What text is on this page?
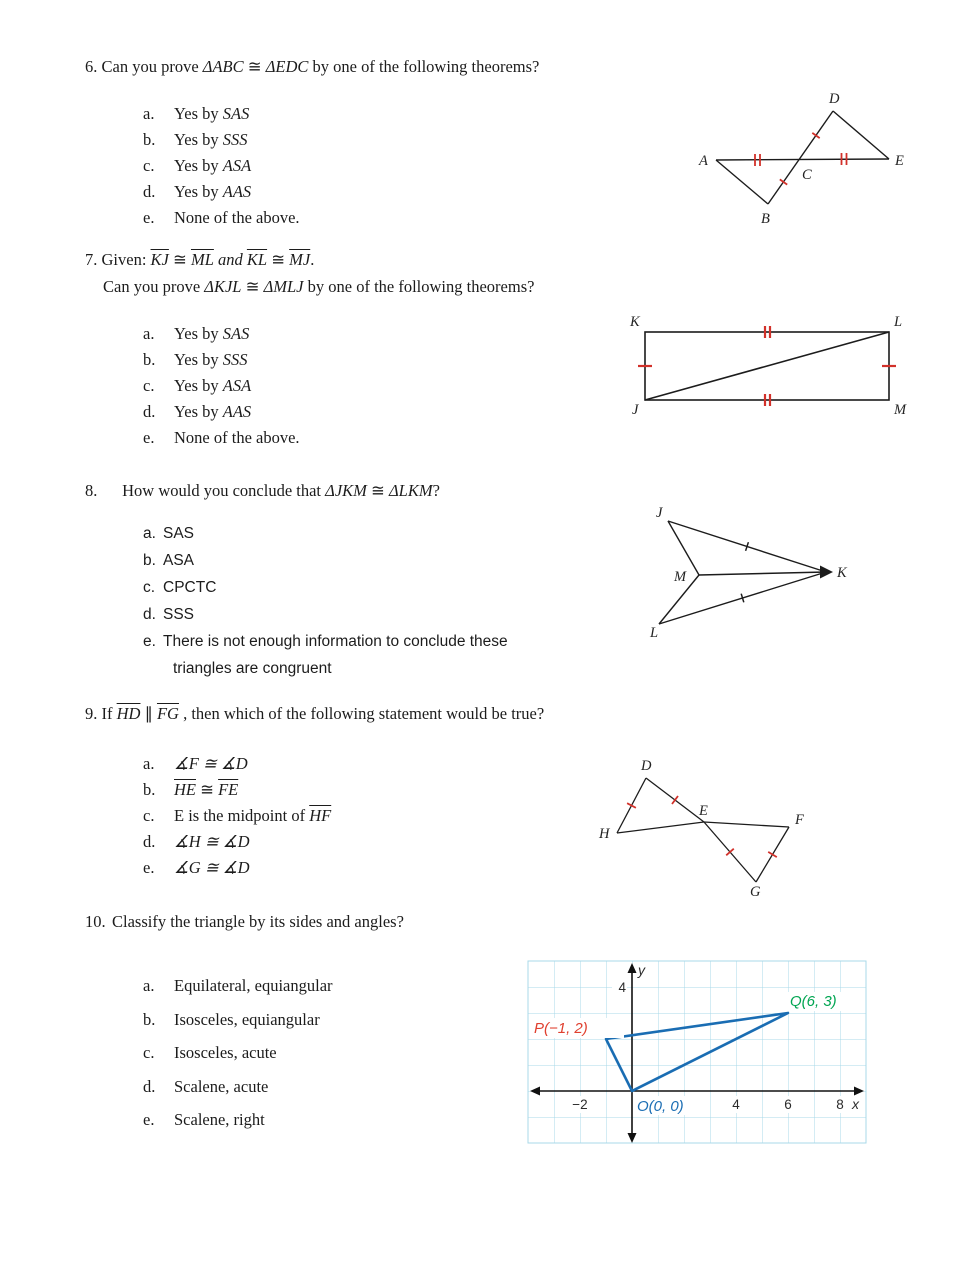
6. Can you prove ΔABC ≅ ΔEDC by one of the following theorems?
a.	Yes by SAS
b.	Yes by SSS
c.	Yes by ASA
d.	Yes by AAS
e.	None of the above.
A	E
D
B
C
7. Given: $\overline{KJ}$ ≅ $\overline{ML}$ and $\overline{KL}$ ≅ $\overline{MJ}$.
Can you prove ΔKJL ≅ ΔMLJ by one of the following theorems?
a.	Yes by SAS
b.	Yes by SSS
c.	Yes by ASA
d.	Yes by AAS
e.	None of the above.
K	L
J	M
8. How would you conclude that ΔJKM ≅ ΔLKM?
a. SAS
b. ASA
c. CPCTC
d. SSS
e. There is not enough information to conclude these
triangles are congruent
J
M	K
L
9. If $\overline{HD}$ ∥ $\overline{FG}$ , then which of the following statement would be true?
a.	∡F ≅ ∡D
b.	$\overline{HE}$ ≅ $\overline{FE}$
c.	E is the midpoint of $\overline{HF}$
d.	∡H ≅ ∡D
e.	∡G ≅ ∡D
D
H
E
F
G
10. Classify the triangle by its sides and angles?
a.	Equilateral, equiangular
b.	Isosceles, equiangular
c.	Isosceles, acute
d.	Scalene, acute
e.	Scalene, right
4
y
−2	4	6	8 x
P(−1, 2)
Q(6, 3)
O(0, 0)
